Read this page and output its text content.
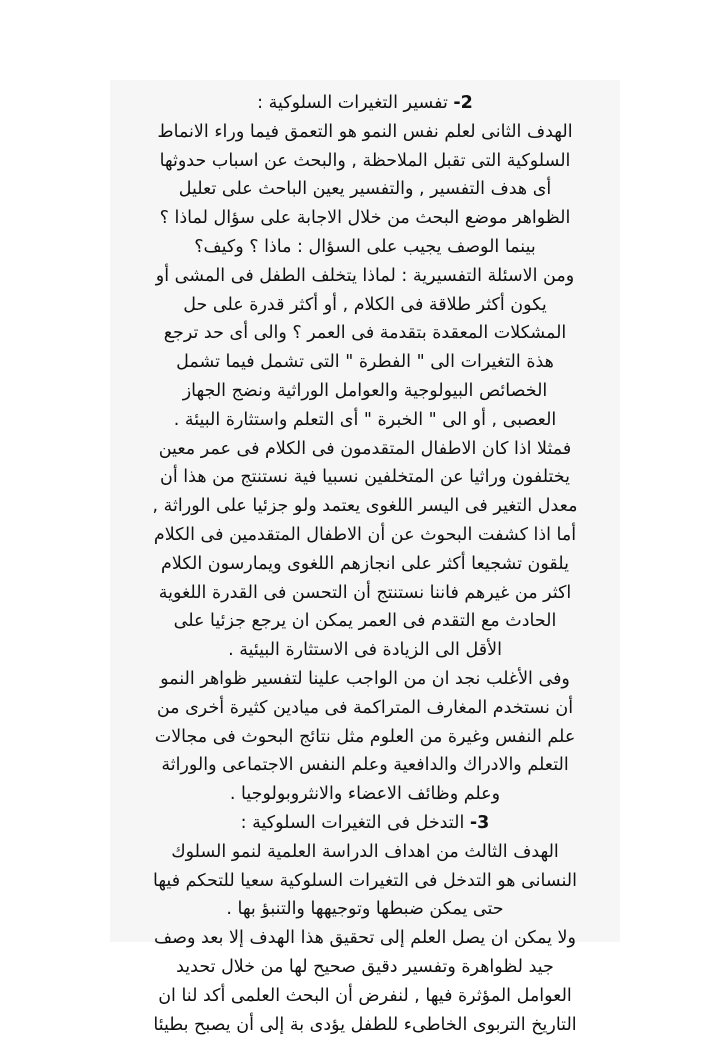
2- تفسير التغيرات السلوكية :
الهدف الثانى لعلم نفس النمو هو التعمق فيما وراء الانماط
السلوكية التى تقبل الملاحظة , والبحث عن اسباب حدوثها
أى هدف التفسير , والتفسير يعين الباحث على تعليل
الظواهر موضع البحث من خلال الاجابة على سؤال لماذا ؟
بينما الوصف يجيب على السؤال : ماذا ؟ وكيف؟
ومن الاسئلة التفسيرية : لماذا يتخلف الطفل فى المشى أو
يكون أكثر طلاقة فى الكلام , أو أكثر قدرة على حل
المشكلات المعقدة بتقدمة فى العمر ؟ والى أى حد ترجع
هذة التغيرات الى " الفطرة " التى تشمل فيما تشمل
الخصائص البيولوجية والعوامل الوراثية ونضج الجهاز
العصبى , أو الى " الخبرة " أى التعلم واستثارة البيئة .
فمثلا اذا كان الاطفال المتقدمون فى الكلام فى عمر معين
يختلفون وراثيا عن المتخلفين نسبيا فية نستنتج من هذا أن
معدل التغير فى اليسر اللغوى يعتمد ولو جزئيا على الوراثة ,
أما اذا كشفت البحوث عن أن الاطفال المتقدمين فى الكلام
يلقون تشجيعا أكثر على انجازهم اللغوى ويمارسون الكلام
اكثر من غيرهم فاننا نستنتج أن التحسن فى القدرة اللغوية
الحادث مع التقدم فى العمر يمكن ان يرجع جزئيا على
الأقل الى الزيادة فى الاستثارة البيئية .
وفى الأغلب نجد ان من الواجب علينا لتفسير ظواهر النمو
أن نستخدم المغارف المتراكمة فى ميادين كثيرة أخرى من
علم النفس وغيرة من العلوم مثل نتائج البحوث فى مجالات
التعلم والادراك والدافعية وعلم النفس الاجتماعى والوراثة
وعلم وظائف الاعضاء والانثروبولوجيا .
3- التدخل فى التغيرات السلوكية :
الهدف الثالث من اهداف الدراسة العلمية لنمو السلوك
النسانى هو التدخل فى التغيرات السلوكية سعيا للتحكم فيها
حتى يمكن ضبطها وتوجيهها والتنبؤ بها .
ولا يمكن ان يصل العلم إلى تحقيق هذا الهدف إلا بعد وصف
جيد لظواهرة وتفسير دقيق صحيح لها من خلال تحديد
العوامل المؤثرة فيها , لنفرض أن البحث العلمى أكد لنا ان
التاريخ التربوى الخاطىء للطفل يؤدى بة إلى أن يصبح بطيئا
